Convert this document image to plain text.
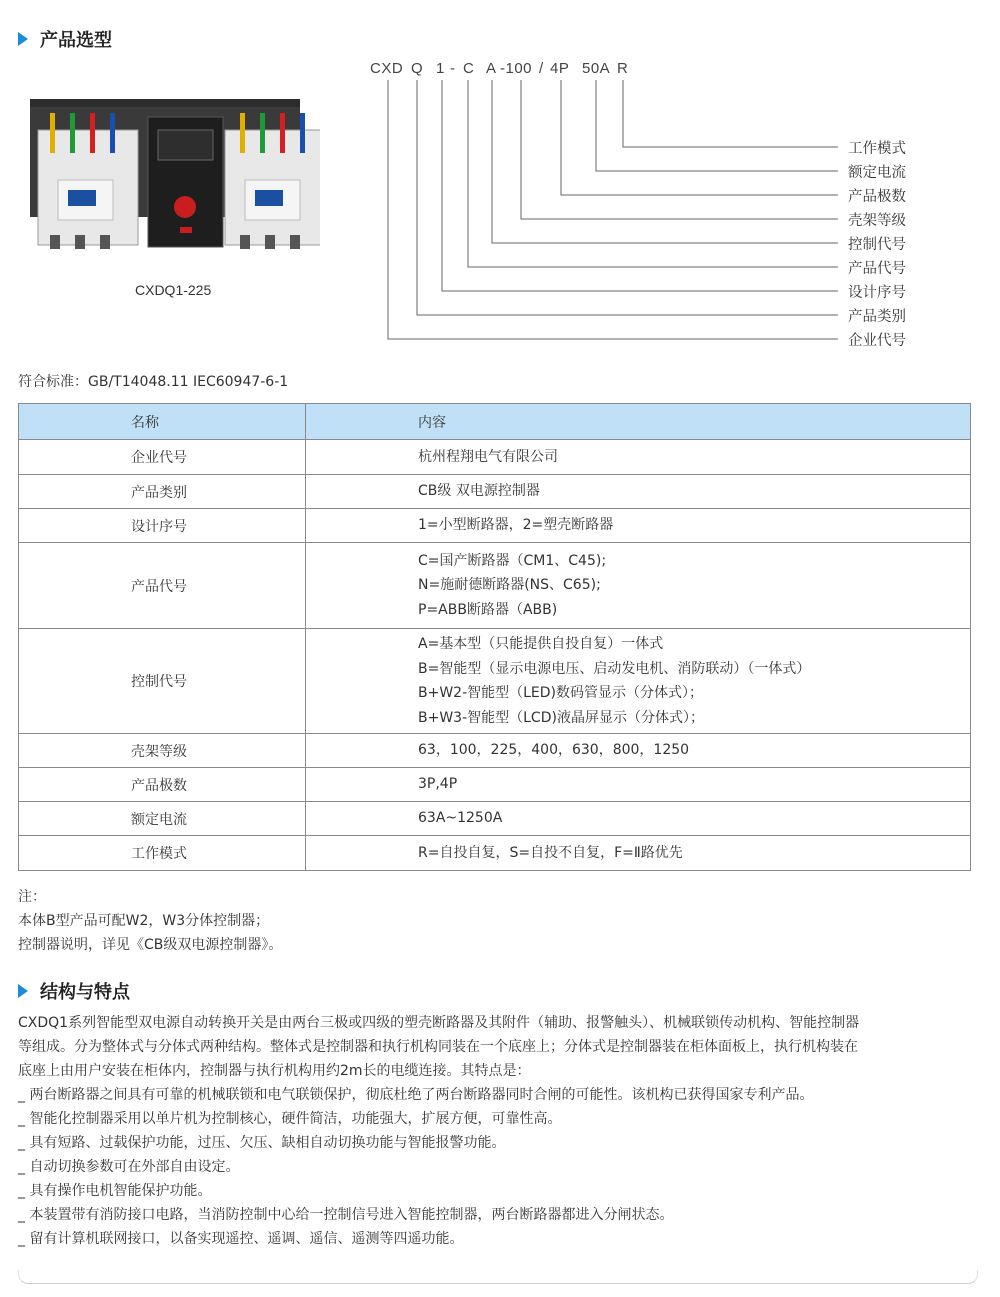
产品选型
CXDQ1-225
CXD Q 1 - C A -100 / 4P 50A R
工作模式
额定电流
产品极数
壳架等级
控制代号
产品代号
设计序号
产品类别
企业代号
符合标准：GB/T14048.11 IEC60947-6-1
名称	内容
企业代号	杭州程翔电气有限公司

产品类别	CB级 双电源控制器

设计序号	1=小型断路器，2=塑壳断路器

产品代号	C=国产断路器（CM1、C45);
N=施耐德断路器(NS、C65);
P=ABB断路器（ABB)

控制代号	A=基本型（只能提供自投自复）一体式
B=智能型（显示电源电压、启动发电机、消防联动）（一体式）
B+W2-智能型（LED)数码管显示（分体式）；
B+W3-智能型（LCD)液晶屏显示（分体式）；

壳架等级	63，100，225，400，630，800，1250

产品极数	3P,4P

额定电流	63A~1250A

工作模式	R=自投自复，S=自投不自复，F=Ⅱ路优先
注：
本体B型产品可配W2，W3分体控制器；
控制器说明，详见《CB级双电源控制器》。
结构与特点

CXDQ1系列智能型双电源自动转换开关是由两台三极或四级的塑壳断路器及其附件（辅助、报警触头）、机械联锁传动机构、智能控制器

等组成。分为整体式与分体式两种结构。整体式是控制器和执行机构同装在一个底座上；分体式是控制器装在柜体面板上，执行机构装在

底座上由用户安装在柜体内，控制器与执行机构用约2m长的电缆连接。其特点是：

_ 两台断路器之间具有可靠的机械联锁和电气联锁保护，彻底杜绝了两台断路器同时合闸的可能性。该机构已获得国家专利产品。

_ 智能化控制器采用以单片机为控制核心，硬件简洁，功能强大，扩展方便，可靠性高。

_ 具有短路、过载保护功能，过压、欠压、缺相自动切换功能与智能报警功能。

_ 自动切换参数可在外部自由设定。

_ 具有操作电机智能保护功能。

_ 本装置带有消防接口电路，当消防控制中心给一控制信号进入智能控制器，两台断路器都进入分闸状态。

_ 留有计算机联网接口，以备实现遥控、遥调、遥信、遥测等四遥功能。
